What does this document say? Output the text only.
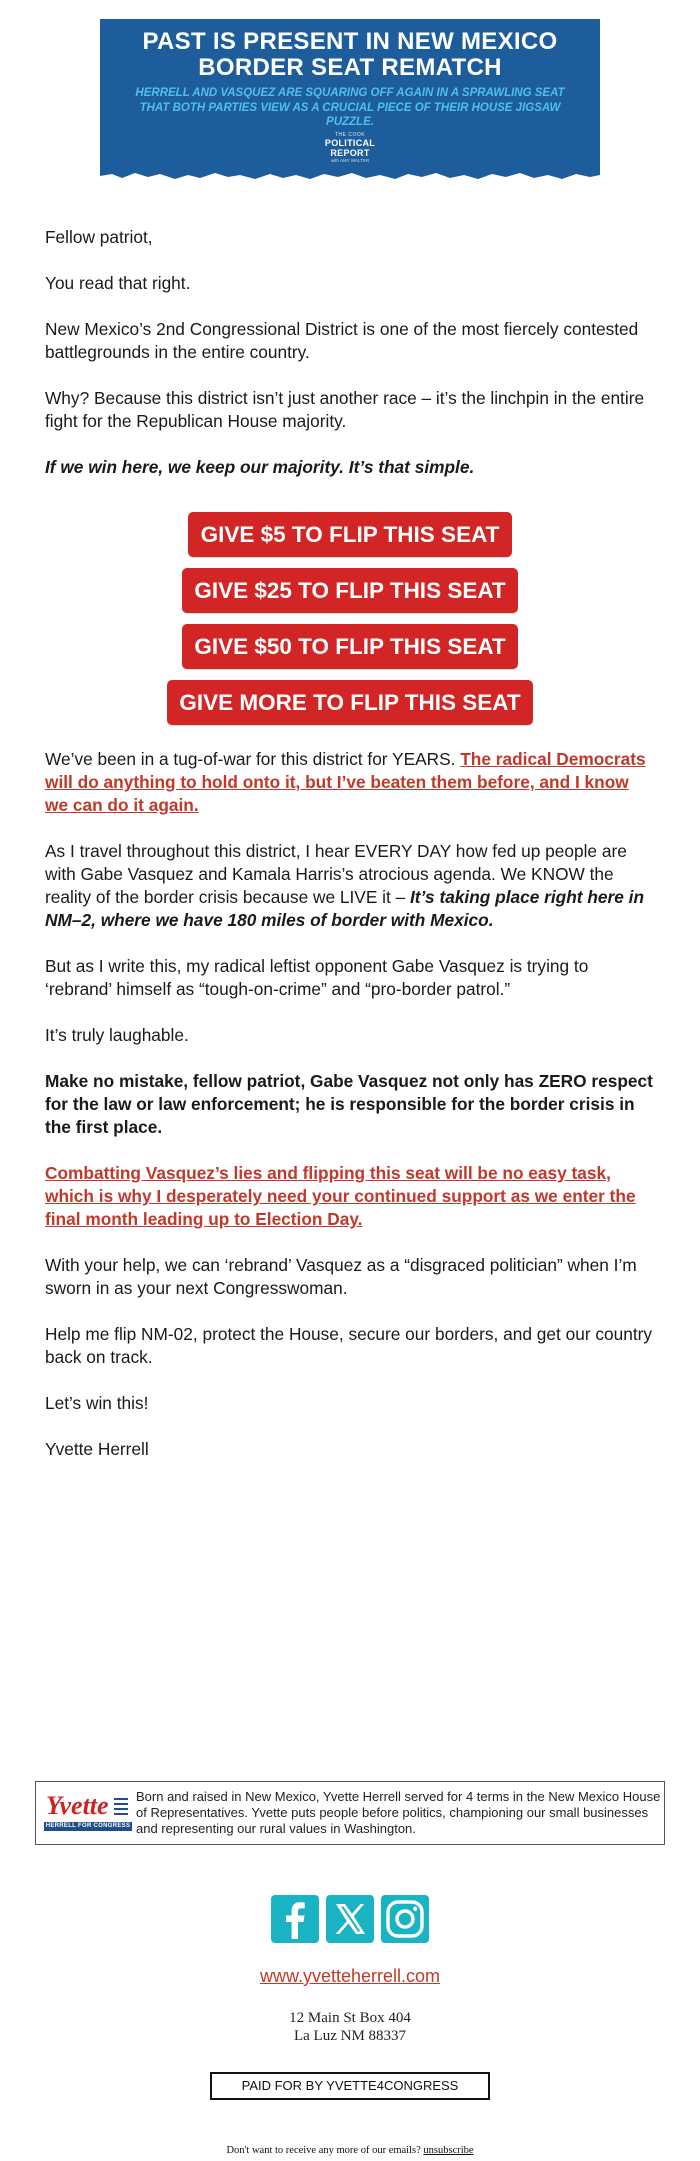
PAST IS PRESENT IN NEW MEXICO
BORDER SEAT REMATCH
HERRELL AND VASQUEZ ARE SQUARING OFF AGAIN IN A SPRAWLING SEAT THAT BOTH PARTIES VIEW AS A CRUCIAL PIECE OF THEIR HOUSE JIGSAW PUZZLE.
THE COOK
POLITICAL
REPORT
with AMY WALTER

Fellow patriot,

You read that right.

New Mexico’s 2nd Congressional District is one of the most fiercely contested battlegrounds in the entire country.

Why? Because this district isn’t just another race – it’s the linchpin in the entire fight for the Republican House majority.

If we win here, we keep our majority. It’s that simple.

We’ve been in a tug-of-war for this district for YEARS. The radical Democrats will do anything to hold onto it, but I’ve beaten them before, and I know we can do it again.

As I travel throughout this district, I hear EVERY DAY how fed up people are with Gabe Vasquez and Kamala Harris’s atrocious agenda. We KNOW the reality of the border crisis because we LIVE it – It’s taking place right here in NM–2, where we have 180 miles of border with Mexico.

But as I write this, my radical leftist opponent Gabe Vasquez is trying to ‘rebrand’ himself as “tough-on-crime” and “pro-border patrol.”

It’s truly laughable.

Make no mistake, fellow patriot, Gabe Vasquez not only has ZERO respect for the law or law enforcement; he is responsible for the border crisis in the first place.

Combatting Vasquez’s lies and flipping this seat will be no easy task, which is why I desperately need your continued support as we enter the final month leading up to Election Day.

With your help, we can ‘rebrand’ Vasquez as a “disgraced politician” when I’m sworn in as your next Congresswoman.

Help me flip NM-02, protect the House, secure our borders, and get our country back on track.

Let’s win this!

Yvette Herrell

GIVE $5 TO FLIP THIS SEAT
GIVE $25 TO FLIP THIS SEAT
GIVE $50 TO FLIP THIS SEAT
GIVE MORE TO FLIP THIS SEAT
Yvette
HERRELL FOR CONGRESS
Born and raised in New Mexico, Yvette Herrell served for 4 terms in the New Mexico House of Representatives. Yvette puts people before politics, championing our small businesses and representing our rural values in Washington.
www.yvetteherrell.com
12 Main St Box 404
La Luz NM 88337
PAID FOR BY YVETTE4CONGRESS
Don't want to receive any more of our emails? unsubscribe
